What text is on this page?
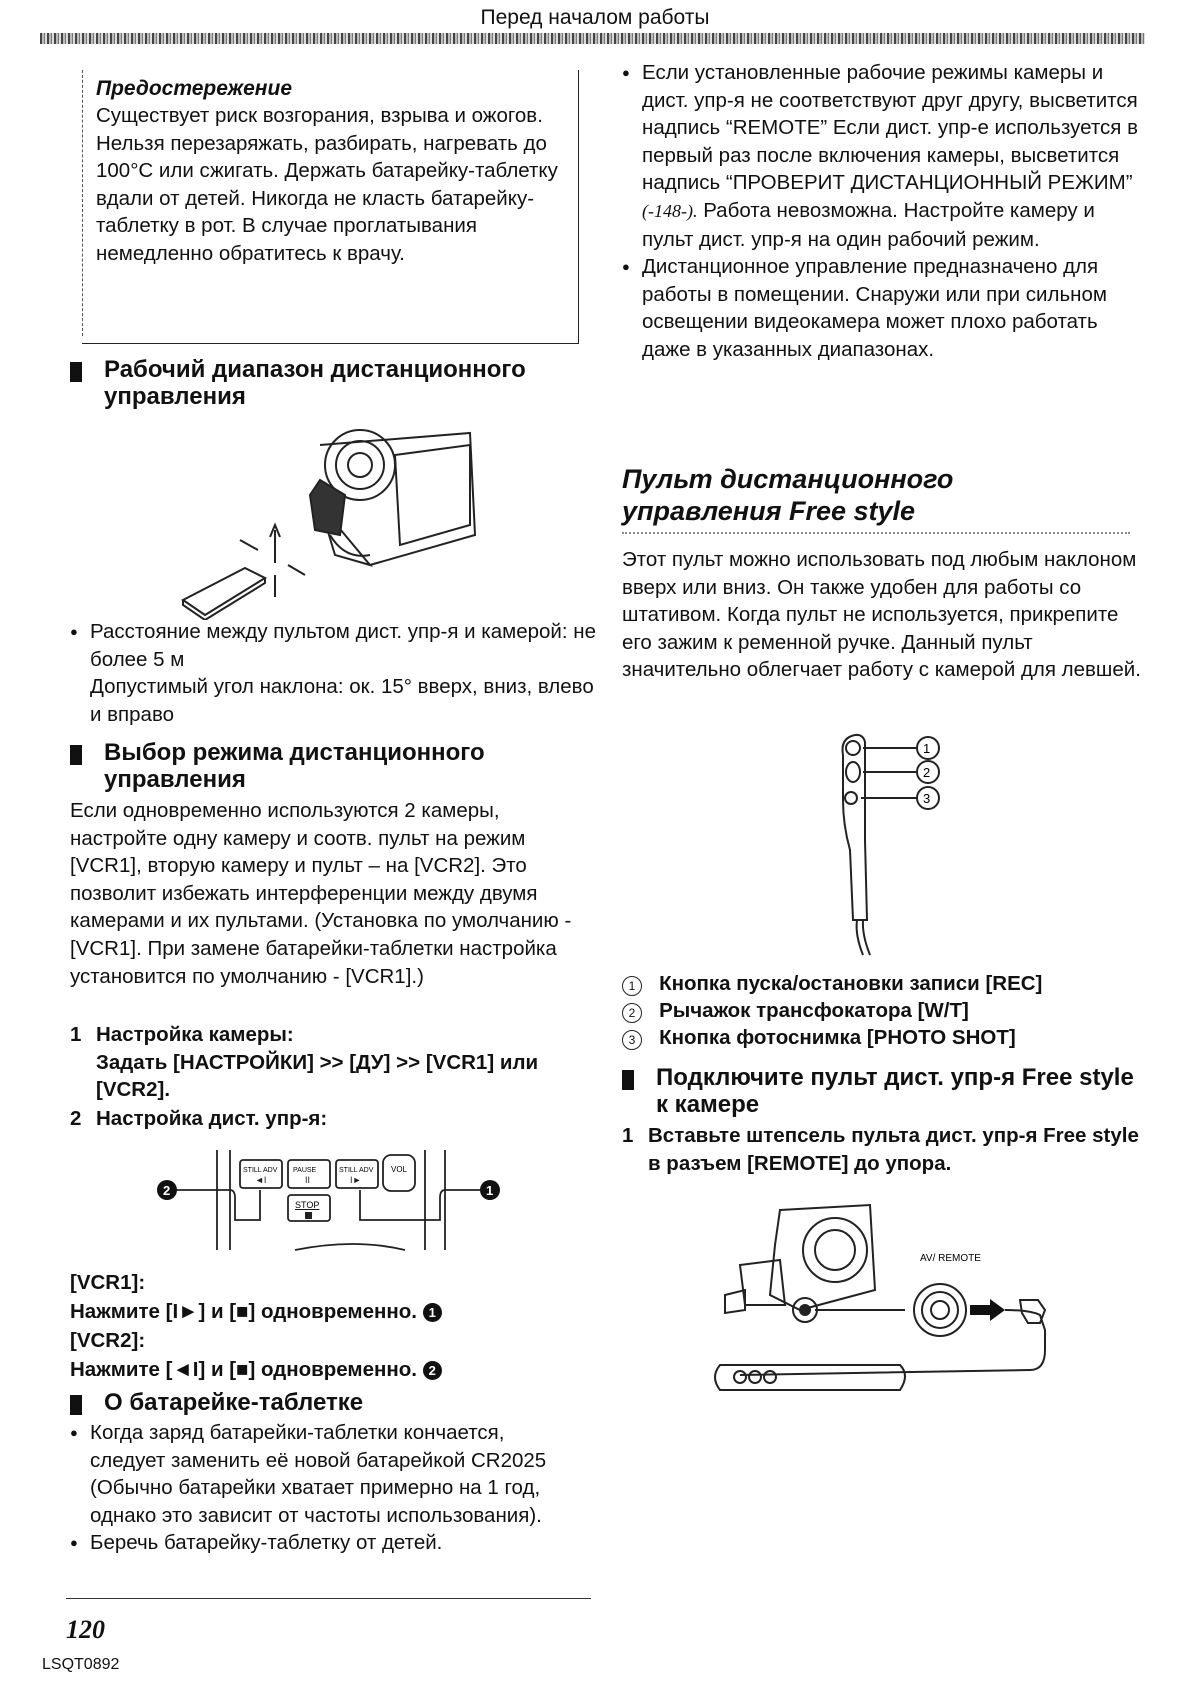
Перед началом работы
Предостережение

Существует риск возгорания, взрыва и ожогов. Нельзя перезаряжать, разбирать, нагревать до 100°C или сжигать. Держать батарейку-таблетку вдали от детей. Никогда не класть батарейку-таблетку в рот. В случае проглатывания немедленно обратитесь к врачу.

Рабочий диапазон дистанционного управления

● Расстояние между пультом дист. упр-я и камерой: не более 5 м

Допустимый угол наклона: ок. 15° вверх, вниз, влево и вправо

Выбор режима дистанционного управления
Если одновременно используются 2 камеры, настройте одну камеру и соотв. пульт на режим [VCR1], вторую камеру и пульт – на [VCR2]. Это позволит избежать интерференции между двумя камерами и их пультами. (Установка по умолчанию - [VCR1]. При замене батарейки-таблетки настройка установится по умолчанию - [VCR1].)
1 Настройка камеры:

Задать [НАСТРОЙКИ] >> [ДУ] >> [VCR1] или [VCR2].

2 Настройка дист. упр-я:

STILL ADV PAUSE	STILL ADV VOL
STOP
◄I	II	I►
2	1

[VCR1]:

Нажмите [I►] и [■] одновременно. 1

[VCR2]:

Нажмите [◄I] и [■] одновременно. 2

О батарейке-таблетке

● Когда заряд батарейки-таблетки кончается, следует заменить её новой батарейкой CR2025 (Обычно батарейки хватает примерно на 1 год, однако это зависит от частоты использования).

● Беречь батарейку-таблетку от детей.

● Если установленные рабочие режимы камеры и дист. упр-я не соответствуют друг другу, высветится надпись “REMOTE” Если дист. упр-е используется в первый раз после включения камеры, высветится надпись “ПРОВЕРИТ ДИСТАНЦИОННЫЙ РЕЖИМ” (-148-). Работа невозможна. Настройте камеру и пульт дист. упр-я на один рабочий режим.

● Дистанционное управление предназначено для работы в помещении. Снаружи или при сильном освещении видеокамера может плохо работать даже в указанных диапазонах.

Пульт дистанционного

управления Free style

Этот пульт можно использовать под любым наклоном вверх или вниз. Он также удобен для работы со штативом. Когда пульт не используется, прикрепите его зажим к ременной ручке. Данный пульт значительно облегчает работу с камерой для левшей.
1
2
3

1 Кнопка пуска/остановки записи [REC]

2 Рычажок трансфокатора [W/T]

3 Кнопка фотоснимка [PHOTO SHOT]

Подключите пульт дист. упр-я Free style к камере
1 Вставьте штепсель пульта дист. упр-я Free style в разъем [REMOTE] до упора.

AV/ REMOTE
120
LSQT0892
